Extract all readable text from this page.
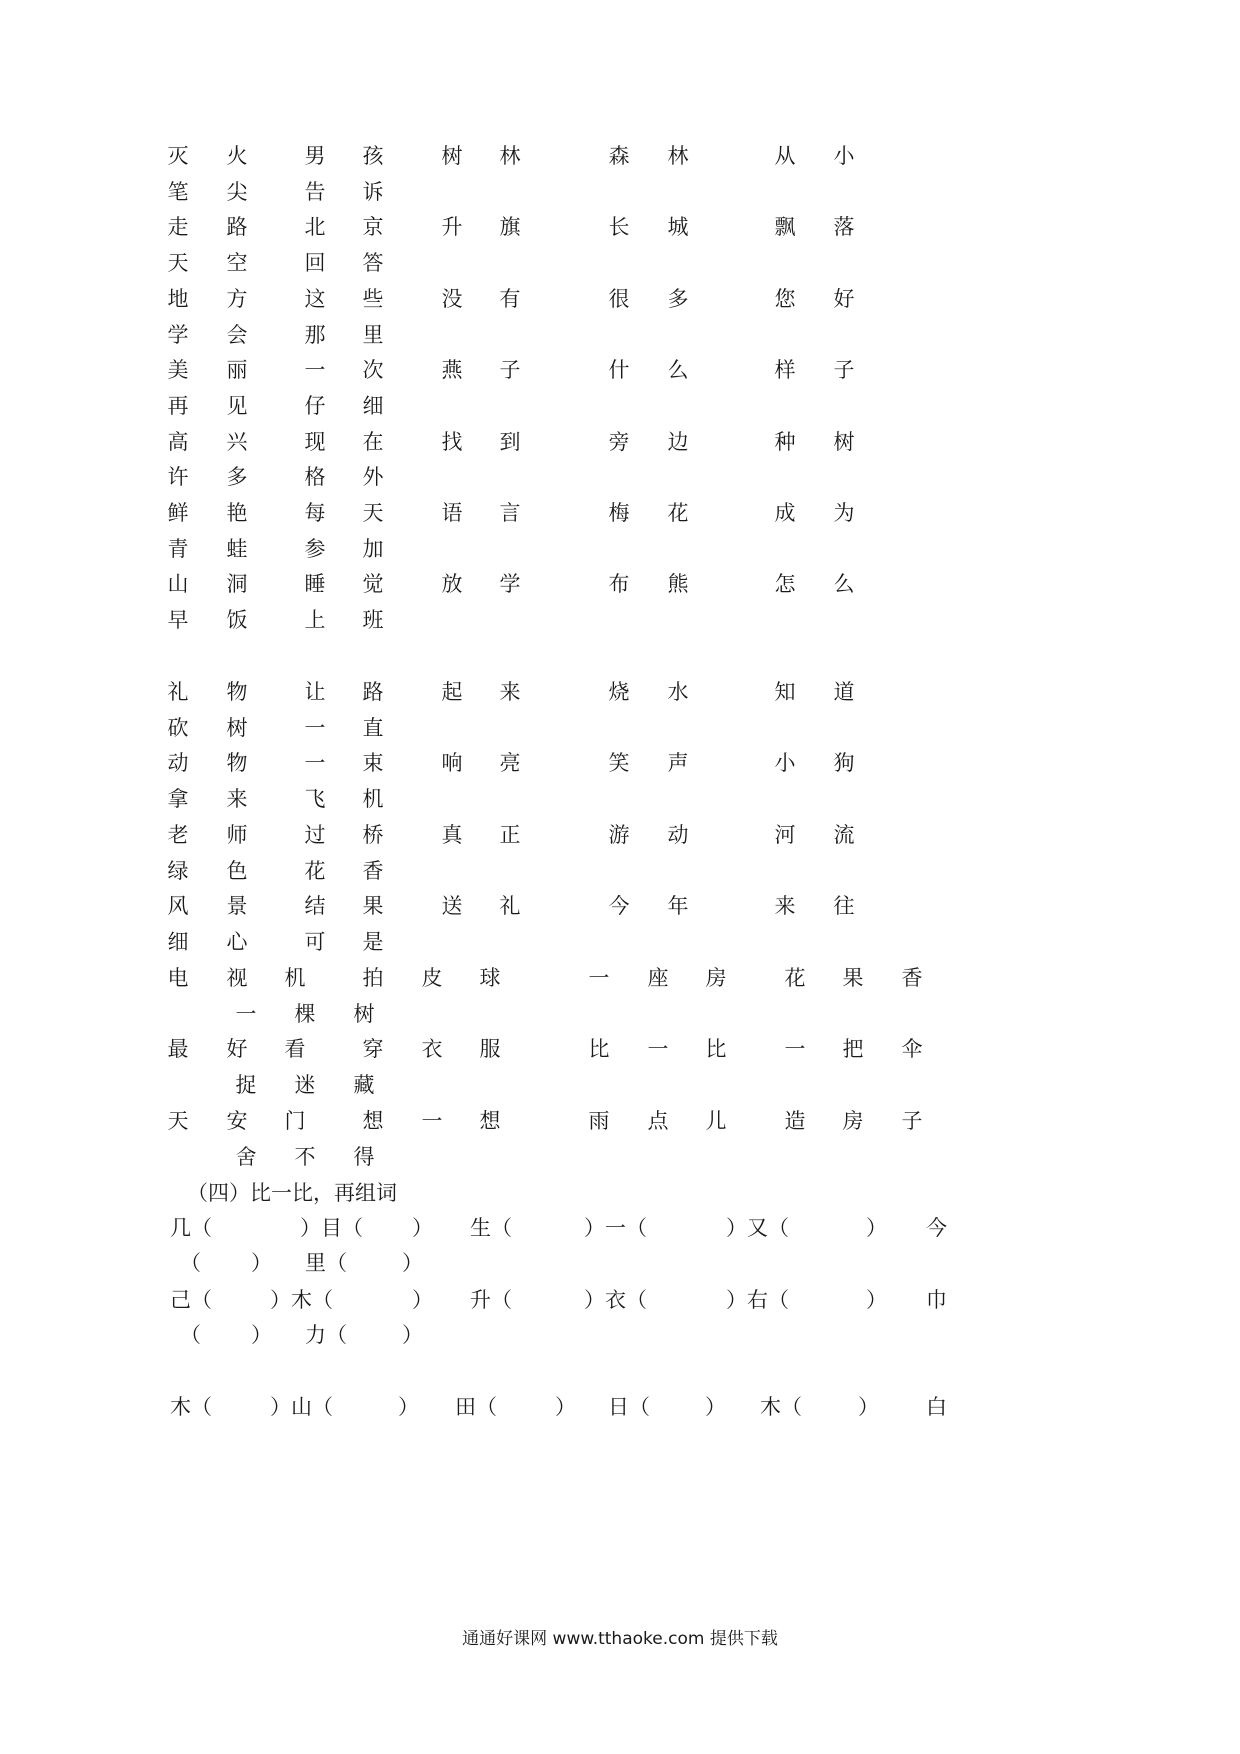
灭 火	男 孩	树 林	森 林	从 小
笔 尖	告 诉
走 路	北 京	升 旗	长 城	飘 落
天 空	回 答
地 方	这 些	没 有	很 多	您 好
学 会	那 里
美 丽	一 次	燕 子	什 么	样 子
再 见	仔 细
高 兴	现 在	找 到	旁 边	种 树
许 多	格 外
鲜 艳	每 天	语 言	梅 花	成 为
青 蛙	参 加
山 洞	睡 觉	放 学	布 熊	怎 么
早 饭	上 班
礼 物	让 路	起 来	烧 水	知 道
砍 树	一 直
动 物	一 束	响 亮	笑 声	小 狗
拿 来	飞 机
老 师	过 桥	真 正	游 动	河 流
绿 色	花 香
风 景	结 果	送 礼	今 年	来 往
细 心	可 是
电 视 机	拍 皮 球	一 座 房	花 果 香
一 棵 树
最 好 看	穿 衣 服	比 一 比	一 把 伞
捉 迷 藏
天 安 门	想 一 想	雨 点 儿	造 房 子
舍 不 得
（四）比一比，再组词
几（	）目（ ） 生（	）一（	）又（	） 今
（ ） 里（	）
己（	）木（	） 升（	）衣（	）右（	） 巾
（ ） 力（	）
木（	）山（	） 田（	） 日（	） 木（	） 白
通通好课网 www.tthaoke.com 提供下载
